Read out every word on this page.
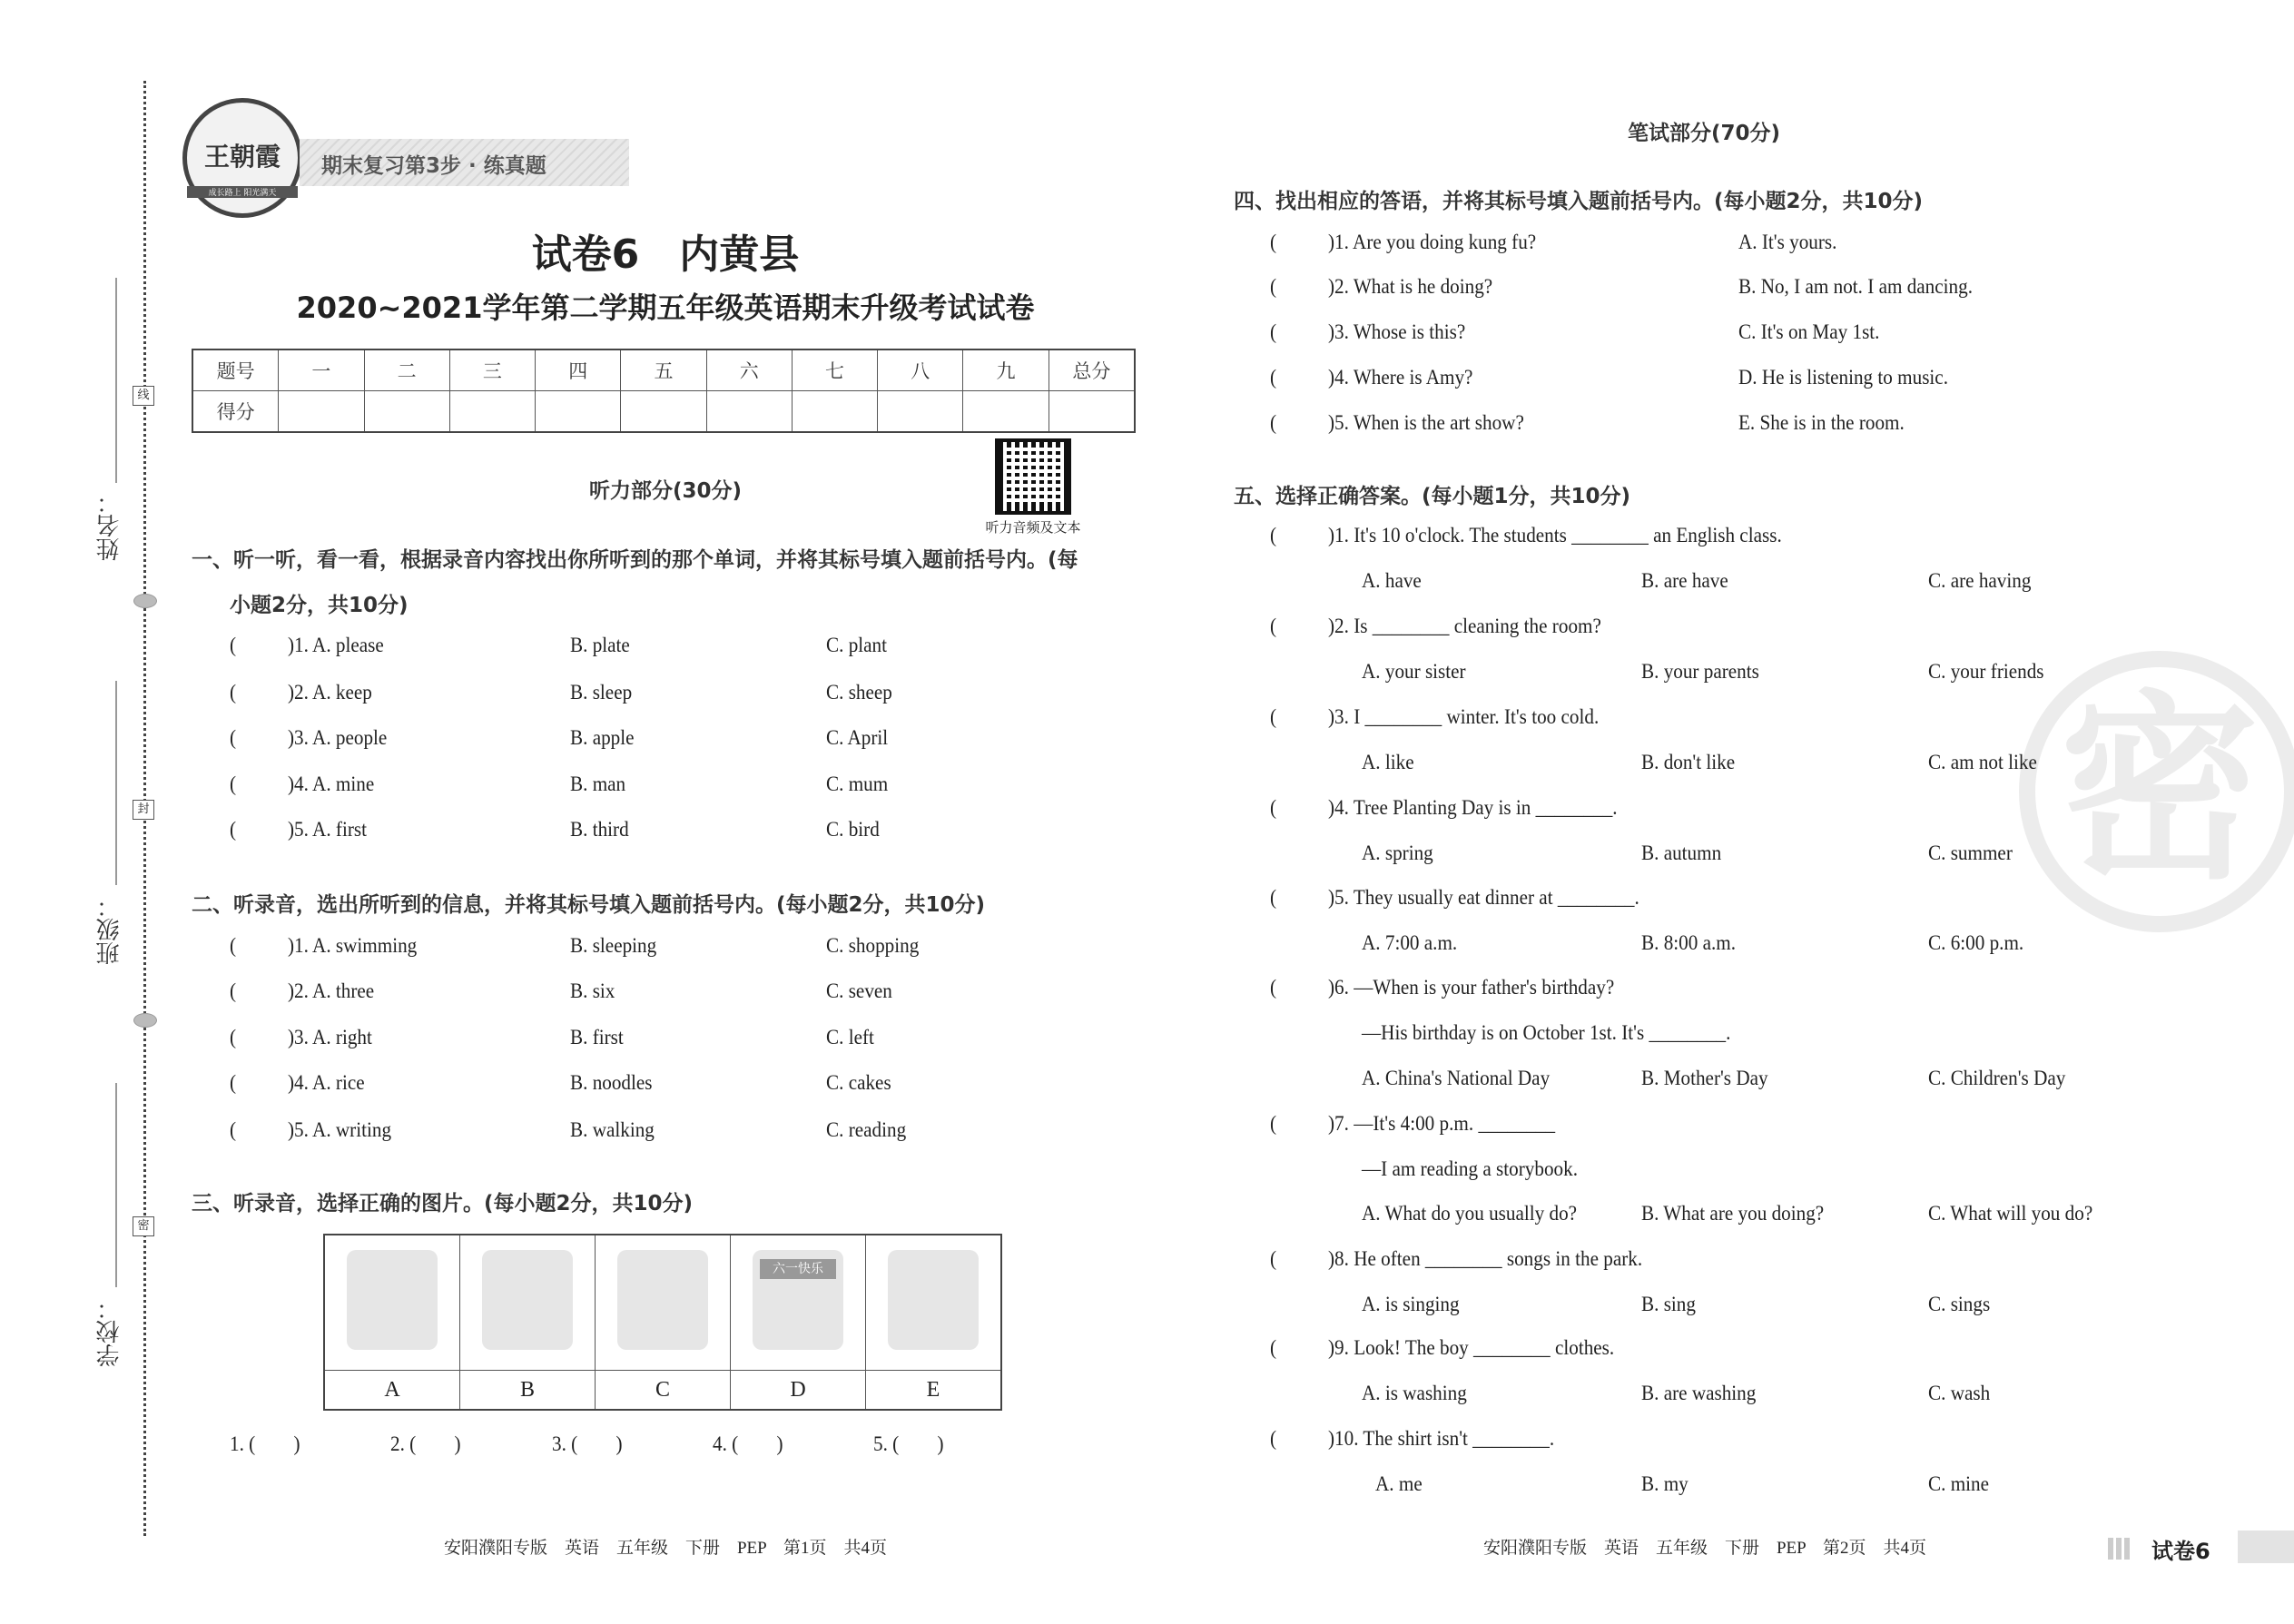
姓名：
班级：
学校：
线
封
密
王朝霞
成长路上 阳光满天
期末复习第3步 · 练真题
试卷6　内黄县
2020~2021学年第二学期五年级英语期末升级考试试卷
题号	一	二	三	四	五	六	七	八	九	总分
得分										
听力部分(30分)
听力音频及文本
一、听一听，看一看，根据录音内容找出你所听到的那个单词，并将其标号填入题前括号内。(每
小题2分，共10分)
( )1. A. please	B. plate	C. plant
( )2. A. keep	B. sleep	C. sheep
( )3. A. people	B. apple	C. April
( )4. A. mine	B. man	C. mum
( )5. A. first	B. third	C. bird
二、听录音，选出所听到的信息，并将其标号填入题前括号内。(每小题2分，共10分)
( )1. A. swimming	B. sleeping	C. shopping
( )2. A. three	B. six	C. seven
( )3. A. right	B. first	C. left
( )4. A. rice	B. noodles	C. cakes
( )5. A. writing	B. walking	C. reading
三、听录音，选择正确的图片。(每小题2分，共10分)

			六一快乐	

A	B	C	D	E
1. (　　)	2. (　　)	3. (　　)	4. (　　)	5. (　　)
密
笔试部分(70分)
四、找出相应的答语，并将其标号填入题前括号内。(每小题2分，共10分)
( )1. Are you doing kung fu?	A. It's yours.
( )2. What is he doing?	B. No, I am not. I am dancing.
( )3. Whose is this?	C. It's on May 1st.
( )4. Where is Amy?	D. He is listening to music.
( )5. When is the art show?	E. She is in the room.
五、选择正确答案。(每小题1分，共10分)
( )1. It's 10 o'clock. The students ________ an English class.
A. have	B. are have	C. are having
( )2. Is ________ cleaning the room?
A. your sister	B. your parents	C. your friends
( )3. I ________ winter. It's too cold.
A. like	B. don't like	C. am not like
( )4. Tree Planting Day is in ________.
A. spring	B. autumn	C. summer
( )5. They usually eat dinner at ________.
A. 7:00 a.m.	B. 8:00 a.m.	C. 6:00 p.m.
( )6. —When is your father's birthday?
—His birthday is on October 1st. It's ________.
A. China's National Day	B. Mother's Day	C. Children's Day
( )7. —It's 4:00 p.m. ________
—I am reading a storybook.
A. What do you usually do?	B. What are you doing?	C. What will you do?
( )8. He often ________ songs in the park.
A. is singing	B. sing	C. sings
( )9. Look! The boy ________ clothes.
A. is washing	B. are washing	C. wash
( )10. The shirt isn't ________.
A. me	B. my	C. mine
安阳濮阳专版　英语　五年级　下册　PEP　第1页　共4页	安阳濮阳专版　英语　五年级　下册　PEP　第2页　共4页	试卷6
